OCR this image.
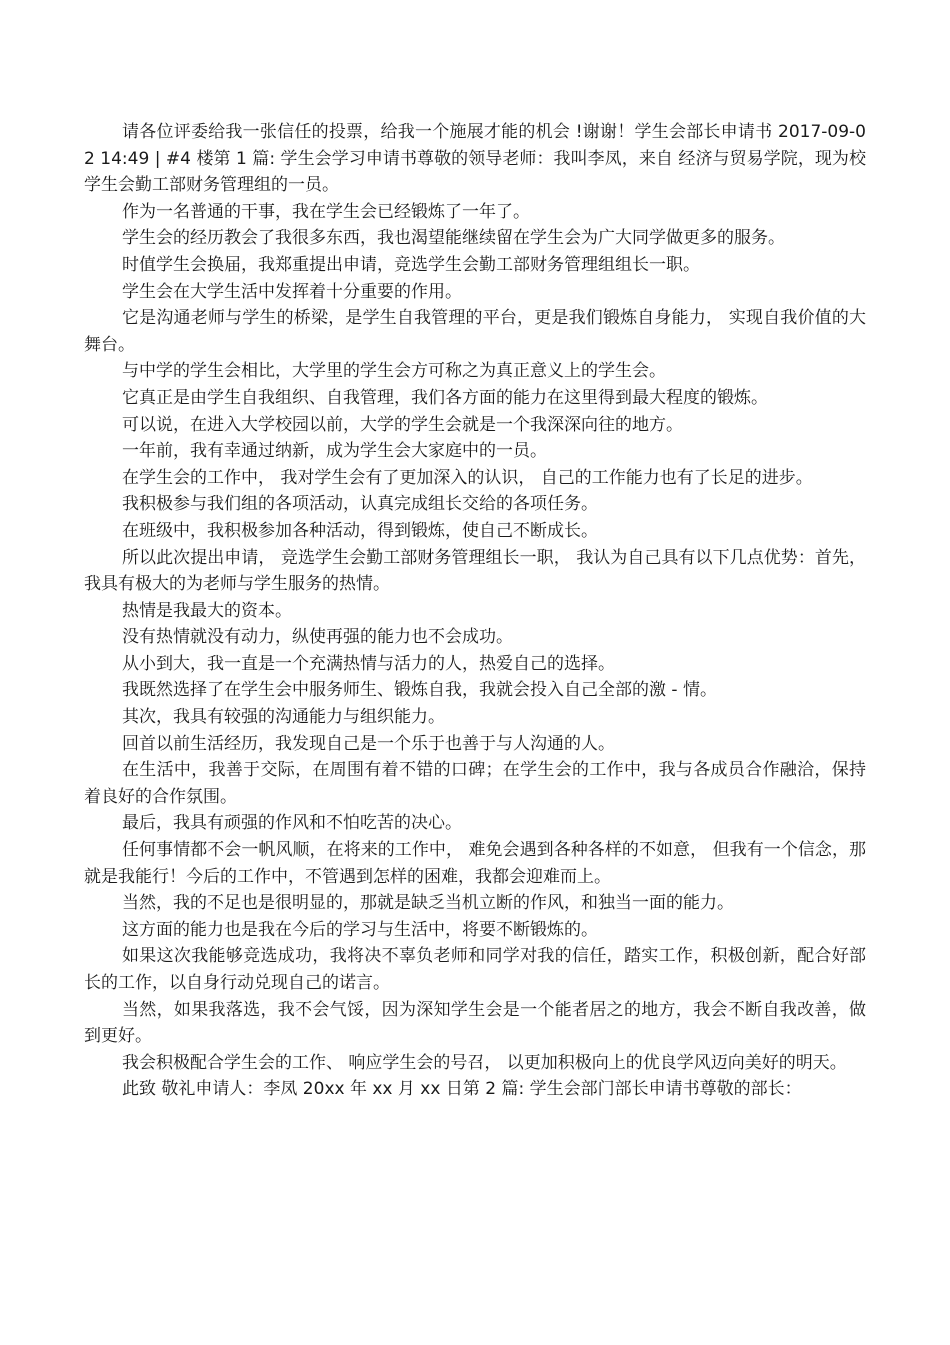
请各位评委给我一张信任的投票，给我一个施展才能的机会 !谢谢！学生会部长申请书 2017-09-02 14:49 | #4 楼第 1 篇: 学生会学习申请书尊敬的领导老师：我叫李凤，来自 经济与贸易学院，现为校学生会勤工部财务管理组的一员。

作为一名普通的干事，我在学生会已经锻炼了一年了。

学生会的经历教会了我很多东西，我也渴望能继续留在学生会为广大同学做更多的服务。

时值学生会换届，我郑重提出申请，竞选学生会勤工部财务管理组组长一职。

学生会在大学生活中发挥着十分重要的作用。

它是沟通老师与学生的桥梁，是学生自我管理的平台，更是我们锻炼自身能力， 实现自我价值的大舞台。

与中学的学生会相比，大学里的学生会方可称之为真正意义上的学生会。

它真正是由学生自我组织、自我管理，我们各方面的能力在这里得到最大程度的锻炼。

可以说，在进入大学校园以前，大学的学生会就是一个我深深向往的地方。

一年前，我有幸通过纳新，成为学生会大家庭中的一员。

在学生会的工作中， 我对学生会有了更加深入的认识， 自己的工作能力也有了长足的进步。

我积极参与我们组的各项活动，认真完成组长交给的各项任务。

在班级中，我积极参加各种活动，得到锻炼，使自己不断成长。

所以此次提出申请， 竞选学生会勤工部财务管理组长一职， 我认为自己具有以下几点优势：首先，我具有极大的为老师与学生服务的热情。

热情是我最大的资本。

没有热情就没有动力，纵使再强的能力也不会成功。

从小到大，我一直是一个充满热情与活力的人，热爱自己的选择。

我既然选择了在学生会中服务师生、锻炼自我，我就会投入自己全部的激 - 情。

其次，我具有较强的沟通能力与组织能力。

回首以前生活经历，我发现自己是一个乐于也善于与人沟通的人。

在生活中，我善于交际，在周围有着不错的口碑；在学生会的工作中，我与各成员合作融洽，保持着良好的合作氛围。

最后，我具有顽强的作风和不怕吃苦的决心。

任何事情都不会一帆风顺，在将来的工作中， 难免会遇到各种各样的不如意， 但我有一个信念，那就是我能行！今后的工作中，不管遇到怎样的困难，我都会迎难而上。

当然，我的不足也是很明显的，那就是缺乏当机立断的作风，和独当一面的能力。

这方面的能力也是我在今后的学习与生活中，将要不断锻炼的。

如果这次我能够竞选成功，我将决不辜负老师和同学对我的信任，踏实工作，积极创新，配合好部长的工作，以自身行动兑现自己的诺言。

当然，如果我落选，我不会气馁，因为深知学生会是一个能者居之的地方，我会不断自我改善，做到更好。

我会积极配合学生会的工作、 响应学生会的号召， 以更加积极向上的优良学风迈向美好的明天。

此致 敬礼申请人：李凤 20xx 年 xx 月 xx 日第 2 篇: 学生会部门部长申请书尊敬的部长：
